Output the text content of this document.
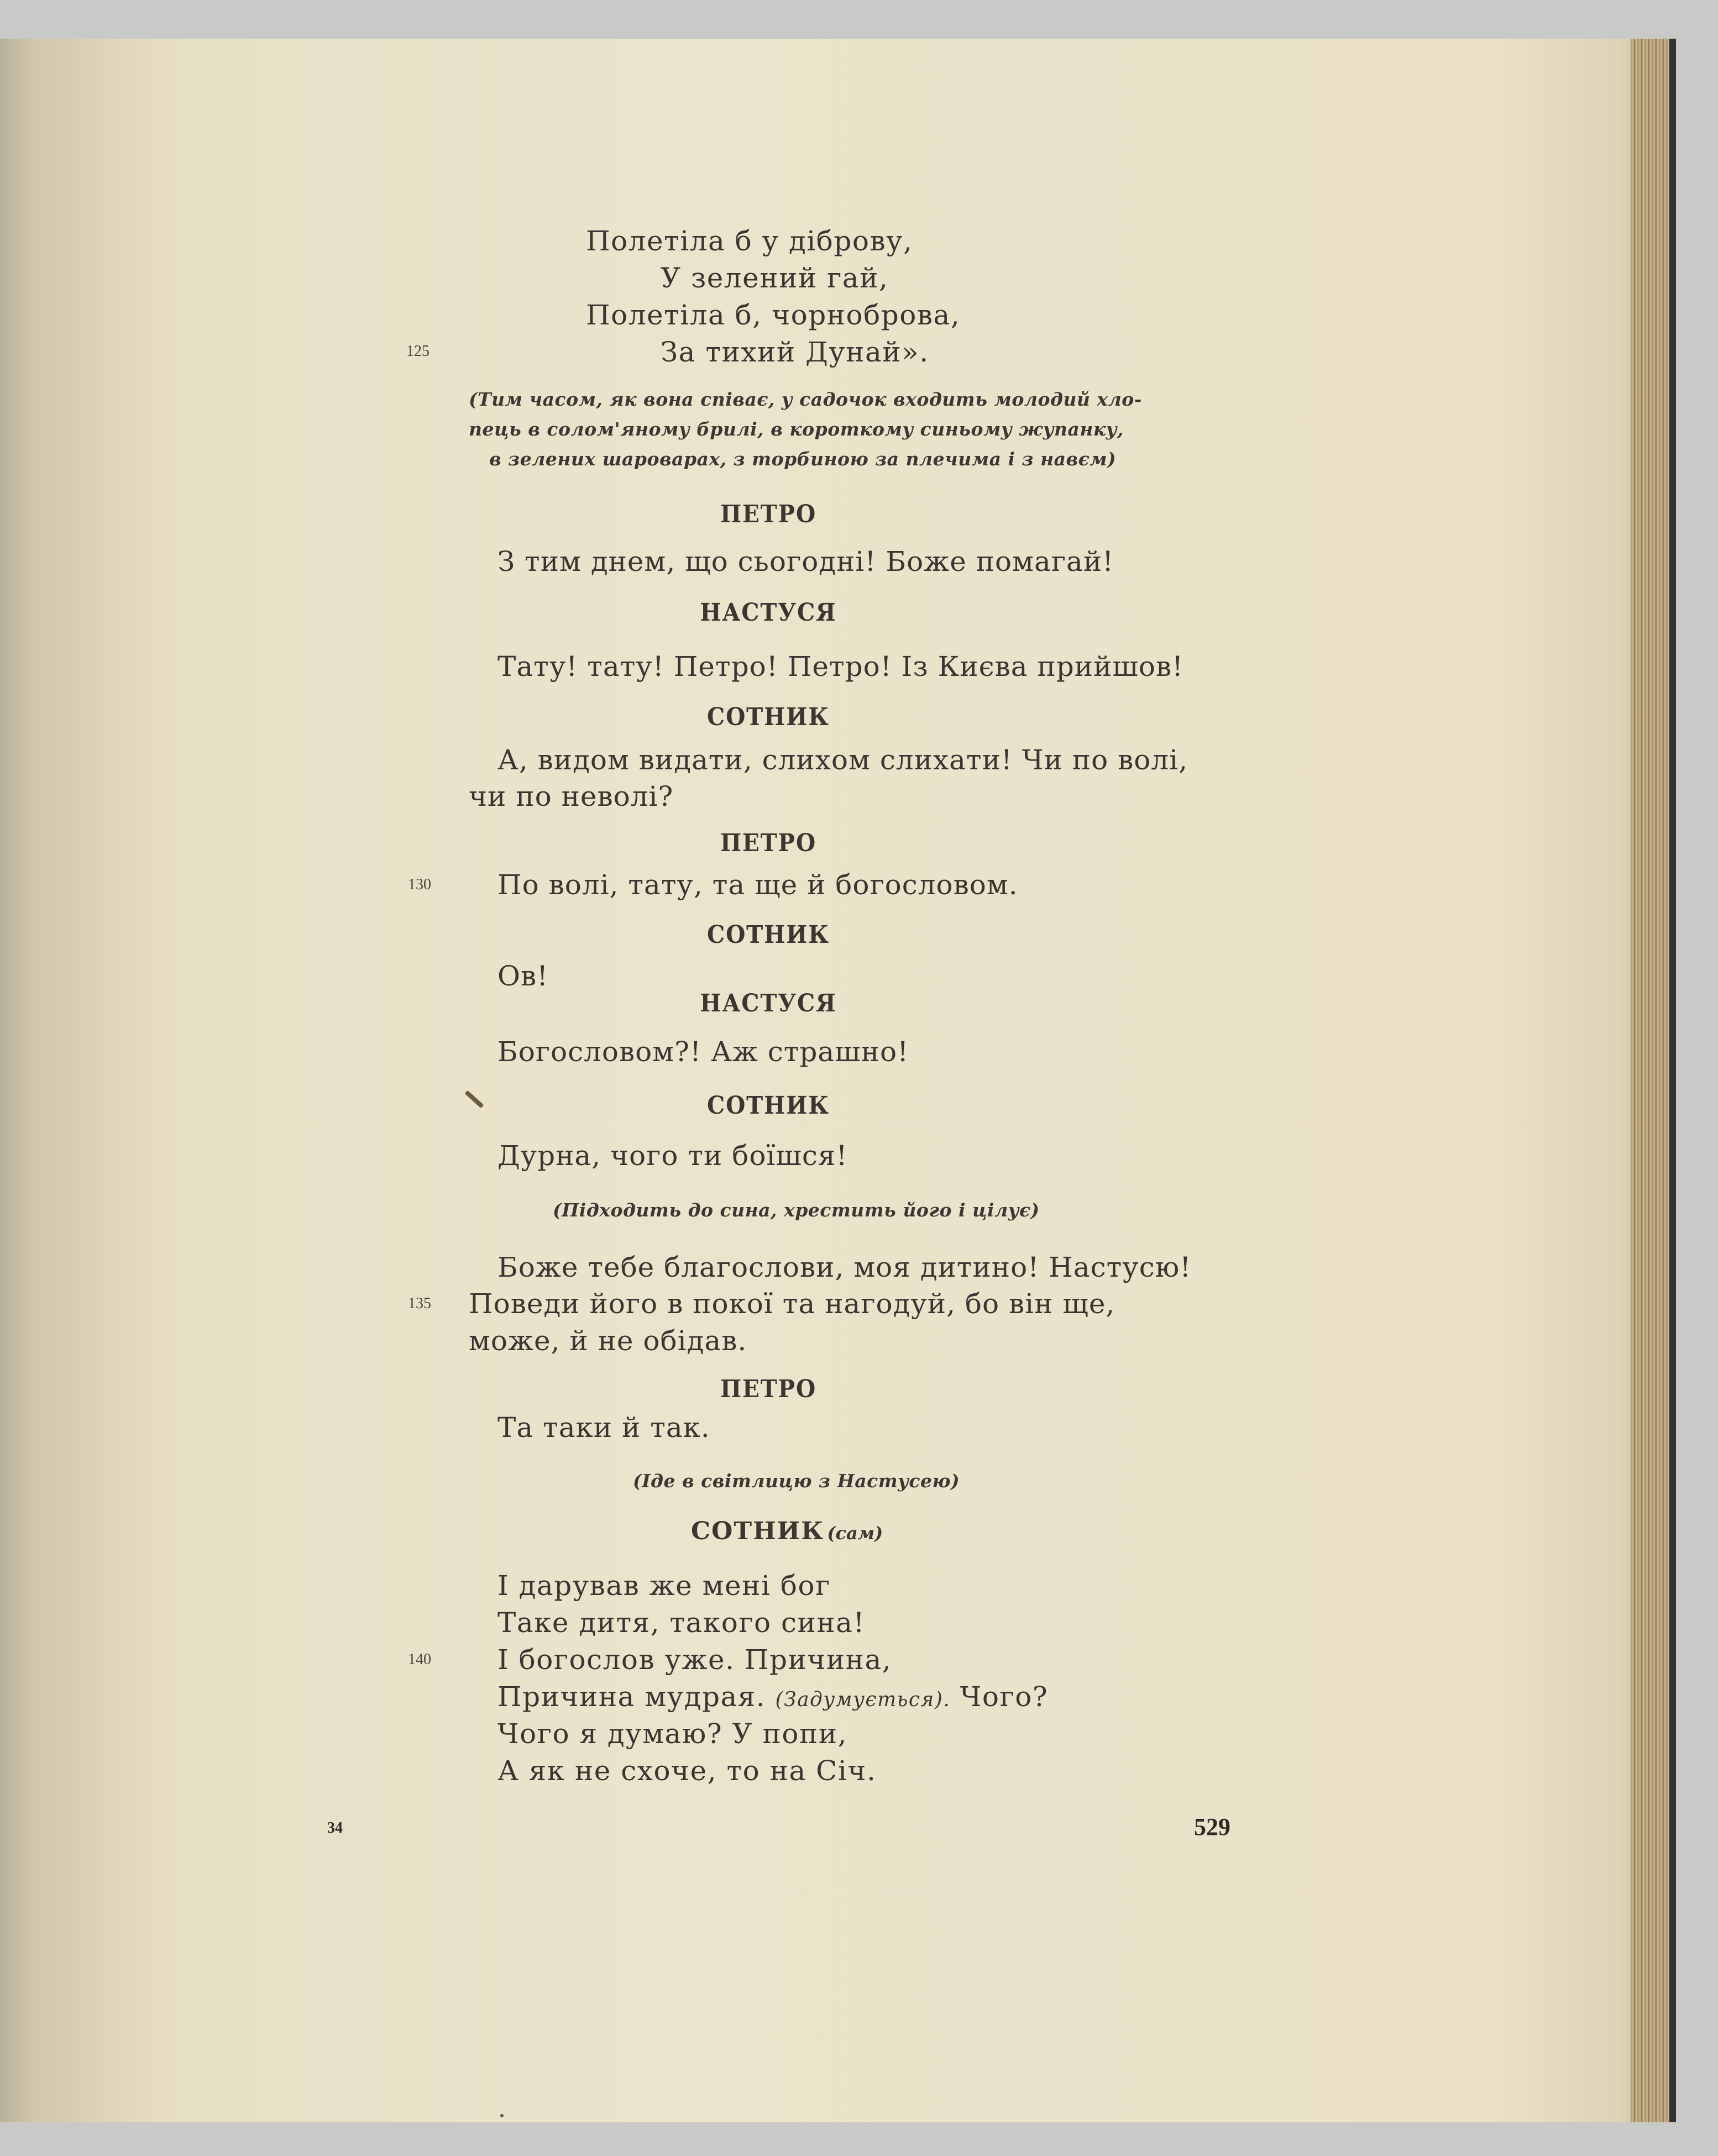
Полетіла б у діброву,
У зелений гай,
Полетіла б, чорноброва,
За тихий Дунай».
125
(Тим часом, як вона співає, у садочок входить молодий хло-
пець в солом'яному брилі, в короткому синьому жупанку,
в зелених шароварах, з торбиною за плечима і з навєм)
ПЕТРО
З тим днем, що сьогодні! Боже помагай!
НАСТУСЯ
Тату! тату! Петро! Петро! Із Києва прийшов!
СОТНИК
А, видом видати, слихом слихати! Чи по волі,
чи по неволі?
ПЕТРО
По волі, тату, та ще й богословом.
130
СОТНИК
Ов!
НАСТУСЯ
Богословом?! Аж страшно!
СОТНИК
Дурна, чого ти боїшся!
(Підходить до сина, хрестить його і цілує)
Боже тебе благослови, моя дитино! Настусю!
Поведи його в покої та нагодуй, бо він ще,
135
може, й не обідав.
ПЕТРО
Та таки й так.
(Іде в світлицю з Настусею)
СОТНИК (сам)
І дарував же мені бог
Таке дитя, такого сина!
І богослов уже. Причина,
140
Причина мудрая. (Задумується). Чого?
Чого я думаю? У попи,
А як не схоче, то на Січ.
34	529
